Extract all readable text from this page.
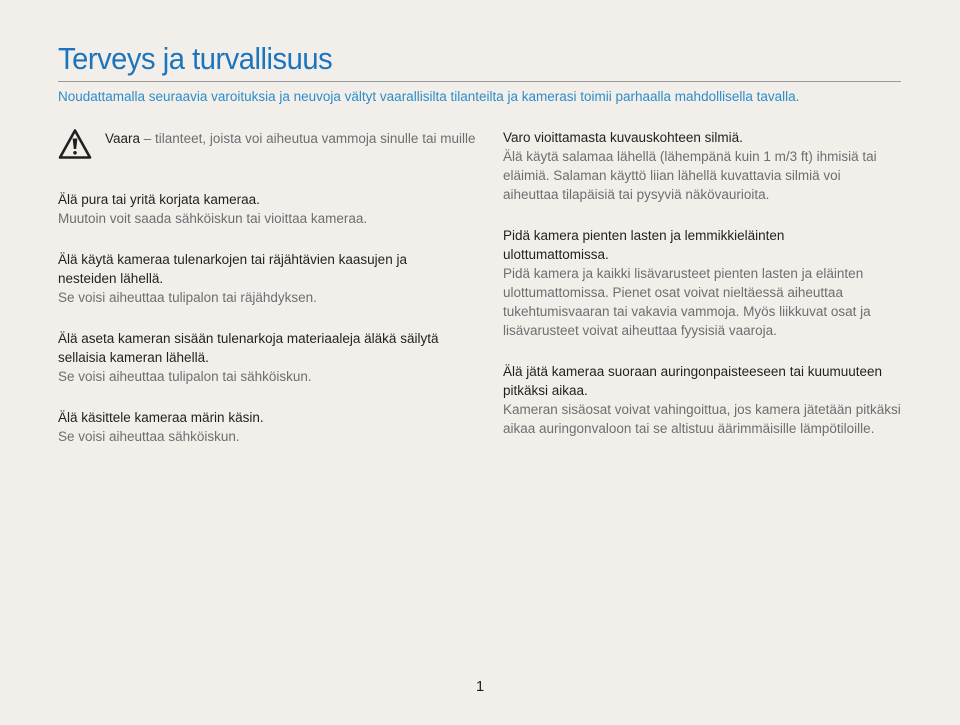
Terveys ja turvallisuus
Noudattamalla seuraavia varoituksia ja neuvoja vältyt vaarallisilta tilanteilta ja kamerasi toimii parhaalla mahdollisella tavalla.
Vaara – tilanteet, joista voi aiheutua vammoja sinulle tai muille
Älä pura tai yritä korjata kameraa.
Muutoin voit saada sähköiskun tai vioittaa kameraa.
Älä käytä kameraa tulenarkojen tai räjähtävien kaasujen ja nesteiden lähellä.
Se voisi aiheuttaa tulipalon tai räjähdyksen.
Älä aseta kameran sisään tulenarkoja materiaaleja äläkä säilytä sellaisia kameran lähellä.
Se voisi aiheuttaa tulipalon tai sähköiskun.
Älä käsittele kameraa märin käsin.
Se voisi aiheuttaa sähköiskun.
Varo vioittamasta kuvauskohteen silmiä.
Älä käytä salamaa lähellä (lähempänä kuin 1 m/3 ft) ihmisiä tai eläimiä. Salaman käyttö liian lähellä kuvattavia silmiä voi aiheuttaa tilapäisiä tai pysyviä näkövaurioita.
Pidä kamera pienten lasten ja lemmikkieläinten ulottumattomissa.
Pidä kamera ja kaikki lisävarusteet pienten lasten ja eläinten ulottumattomissa. Pienet osat voivat nieltäessä aiheuttaa tukehtumisvaaran tai vakavia vammoja. Myös liikkuvat osat ja lisävarusteet voivat aiheuttaa fyysisiä vaaroja.
Älä jätä kameraa suoraan auringonpaisteeseen tai kuumuuteen pitkäksi aikaa.
Kameran sisäosat voivat vahingoittua, jos kamera jätetään pitkäksi aikaa auringonvaloon tai se altistuu äärimmäisille lämpötiloille.
1
